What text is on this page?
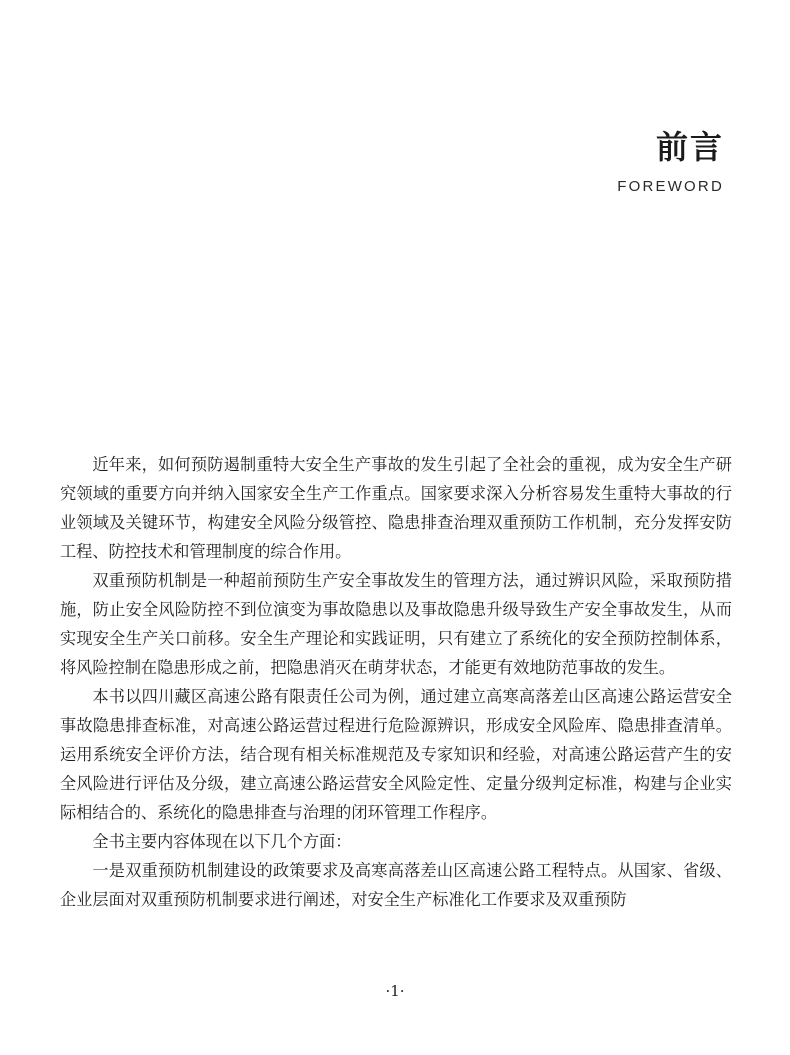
前言
FOREWORD

近年来，如何预防遏制重特大安全生产事故的发生引起了全社会的重视，成为安全生产研究领域的重要方向并纳入国家安全生产工作重点。国家要求深入分析容易发生重特大事故的行业领域及关键环节，构建安全风险分级管控、隐患排查治理双重预防工作机制，充分发挥安防工程、防控技术和管理制度的综合作用。

双重预防机制是一种超前预防生产安全事故发生的管理方法，通过辨识风险，采取预防措施，防止安全风险防控不到位演变为事故隐患以及事故隐患升级导致生产安全事故发生，从而实现安全生产关口前移。安全生产理论和实践证明，只有建立了系统化的安全预防控制体系，将风险控制在隐患形成之前，把隐患消灭在萌芽状态，才能更有效地防范事故的发生。

本书以四川藏区高速公路有限责任公司为例，通过建立高寒高落差山区高速公路运营安全事故隐患排查标准，对高速公路运营过程进行危险源辨识，形成安全风险库、隐患排查清单。运用系统安全评价方法，结合现有相关标准规范及专家知识和经验，对高速公路运营产生的安全风险进行评估及分级，建立高速公路运营安全风险定性、定量分级判定标准，构建与企业实际相结合的、系统化的隐患排查与治理的闭环管理工作程序。

全书主要内容体现在以下几个方面：

一是双重预防机制建设的政策要求及高寒高落差山区高速公路工程特点。从国家、省级、企业层面对双重预防机制要求进行阐述，对安全生产标准化工作要求及双重预防

·1·
